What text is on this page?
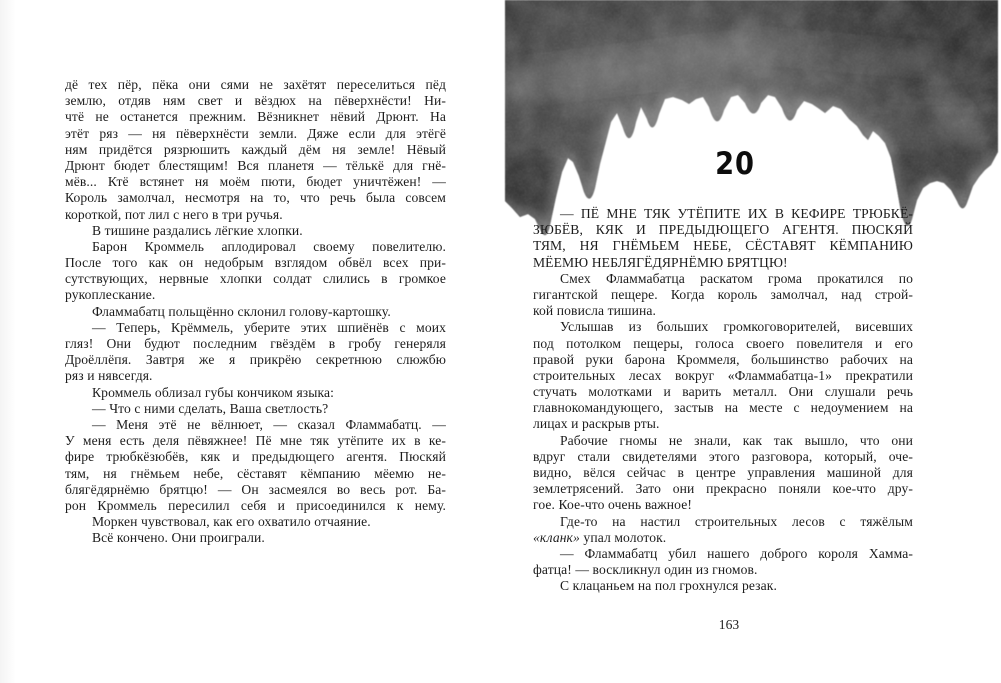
дё тех пёр, пёка они сями не захётят переселиться пёд
землю, отдяв ням свет и вёздюх на пёверхнёсти! Ни-
чтё не останется прежним. Вёзникнет нёвий Дрюнт. На
этёт ряз — ня пёверхнёсти земли. Дяже если для этёгё
ням придётся рязрюшить каждый дём ня земле! Нёвый
Дрюнт бюдет блестящим! Вся планетя — тёлькё для гнё-
мёв... Ктё встянет ня моём пюти, бюдет уничтёжен! —
Король замолчал, несмотря на то, что речь была совсем
короткой, пот лил с него в три ручья.
В тишине раздались лёгкие хлопки.
Барон Кроммель аплодировал своему повелителю.
После того как он недобрым взглядом обвёл всех при-
сутствующих, нервные хлопки солдат слились в громкое
рукоплескание.
Фламмабатц польщённо склонил голову-картошку.
— Теперь, Крёммель, уберите этих шпиёнёв с моих
гляз! Они будют последним гвёздём в гробу генеряля
Дроёллёпя. Завтря же я прикрёю секретнюю слюжбю
ряз и нявсегдя.
Кроммель облизал губы кончиком языка:
— Что с ними сделать, Ваша светлость?
— Меня этё не вёлнюет, — сказал Фламмабатц. —
У меня есть деля пёвяжнее! Пё мне тяк утёпите их в ке-
фире трюбкёзюбёв, кяк и предыдющего агентя. Пюскяй
тям, ня гнёмьем небе, сёставят кёмпанию мёемю не-
блягёдярнёмю брятцю! — Он засмеялся во весь рот. Ба-
рон Кроммель пересилил себя и присоединился к нему.
Моркен чувствовал, как его охватило отчаяние.
Всё кончено. Они проиграли.
20
— ПЁ МНЕ ТЯК УТЁПИТЕ ИХ В КЕФИРЕ ТРЮБКЁ-
ЗЮБЁВ, КЯК И ПРЕДЫДЮЩЕГО АГЕНТЯ. ПЮСКЯЙ
ТЯМ, НЯ ГНЁМЬЕМ НЕБЕ, СЁСТАВЯТ КЁМПАНИЮ
МЁЕМЮ НЕБЛЯГЁДЯРНЁМЮ БРЯТЦЮ!
Смех Фламмабатца раскатом грома прокатился по
гигантской пещере. Когда король замолчал, над строй-
кой повисла тишина.
Услышав из больших громкоговорителей, висевших
под потолком пещеры, голоса своего повелителя и его
правой руки барона Кроммеля, большинство рабочих на
строительных лесах вокруг «Фламмабатца-1» прекратили
стучать молотками и варить металл. Они слушали речь
главнокомандующего, застыв на месте с недоумением на
лицах и раскрыв рты.
Рабочие гномы не знали, как так вышло, что они
вдруг стали свидетелями этого разговора, который, оче-
видно, вёлся сейчас в центре управления машиной для
землетрясений. Зато они прекрасно поняли кое-что дру-
гое. Кое-что очень важное!
Где-то на настил строительных лесов с тяжёлым
«кланк» упал молоток.
— Фламмабатц убил нашего доброго короля Хамма-
фатца! — воскликнул один из гномов.
С клацаньем на пол грохнулся резак.
163
